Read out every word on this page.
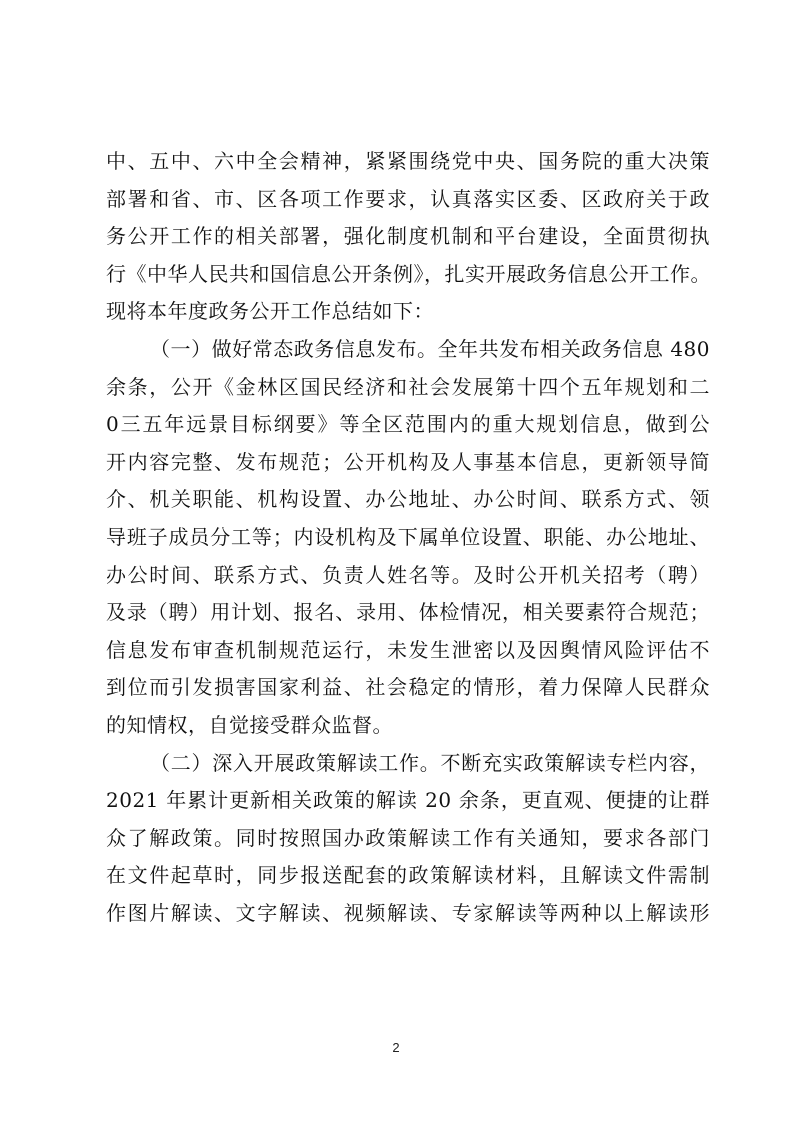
中、五中、六中全会精神，紧紧围绕党中央、国务院的重大决策
部署和省、市、区各项工作要求，认真落实区委、区政府关于政
务公开工作的相关部署，强化制度机制和平台建设，全面贯彻执
行《中华人民共和国信息公开条例》，扎实开展政务信息公开工作。
现将本年度政务公开工作总结如下：
（一）做好常态政务信息发布。全年共发布相关政务信息 480
余条，公开《金林区国民经济和社会发展第十四个五年规划和二
0三五年远景目标纲要》等全区范围内的重大规划信息，做到公
开内容完整、发布规范；公开机构及人事基本信息，更新领导简
介、机关职能、机构设置、办公地址、办公时间、联系方式、领
导班子成员分工等；内设机构及下属单位设置、职能、办公地址、
办公时间、联系方式、负责人姓名等。及时公开机关招考（聘）
及录（聘）用计划、报名、录用、体检情况，相关要素符合规范；
信息发布审查机制规范运行，未发生泄密以及因舆情风险评估不
到位而引发损害国家利益、社会稳定的情形，着力保障人民群众
的知情权，自觉接受群众监督。
（二）深入开展政策解读工作。不断充实政策解读专栏内容，
2021 年累计更新相关政策的解读 20 余条，更直观、便捷的让群
众了解政策。同时按照国办政策解读工作有关通知，要求各部门
在文件起草时，同步报送配套的政策解读材料，且解读文件需制
作图片解读、文字解读、视频解读、专家解读等两种以上解读形
2
